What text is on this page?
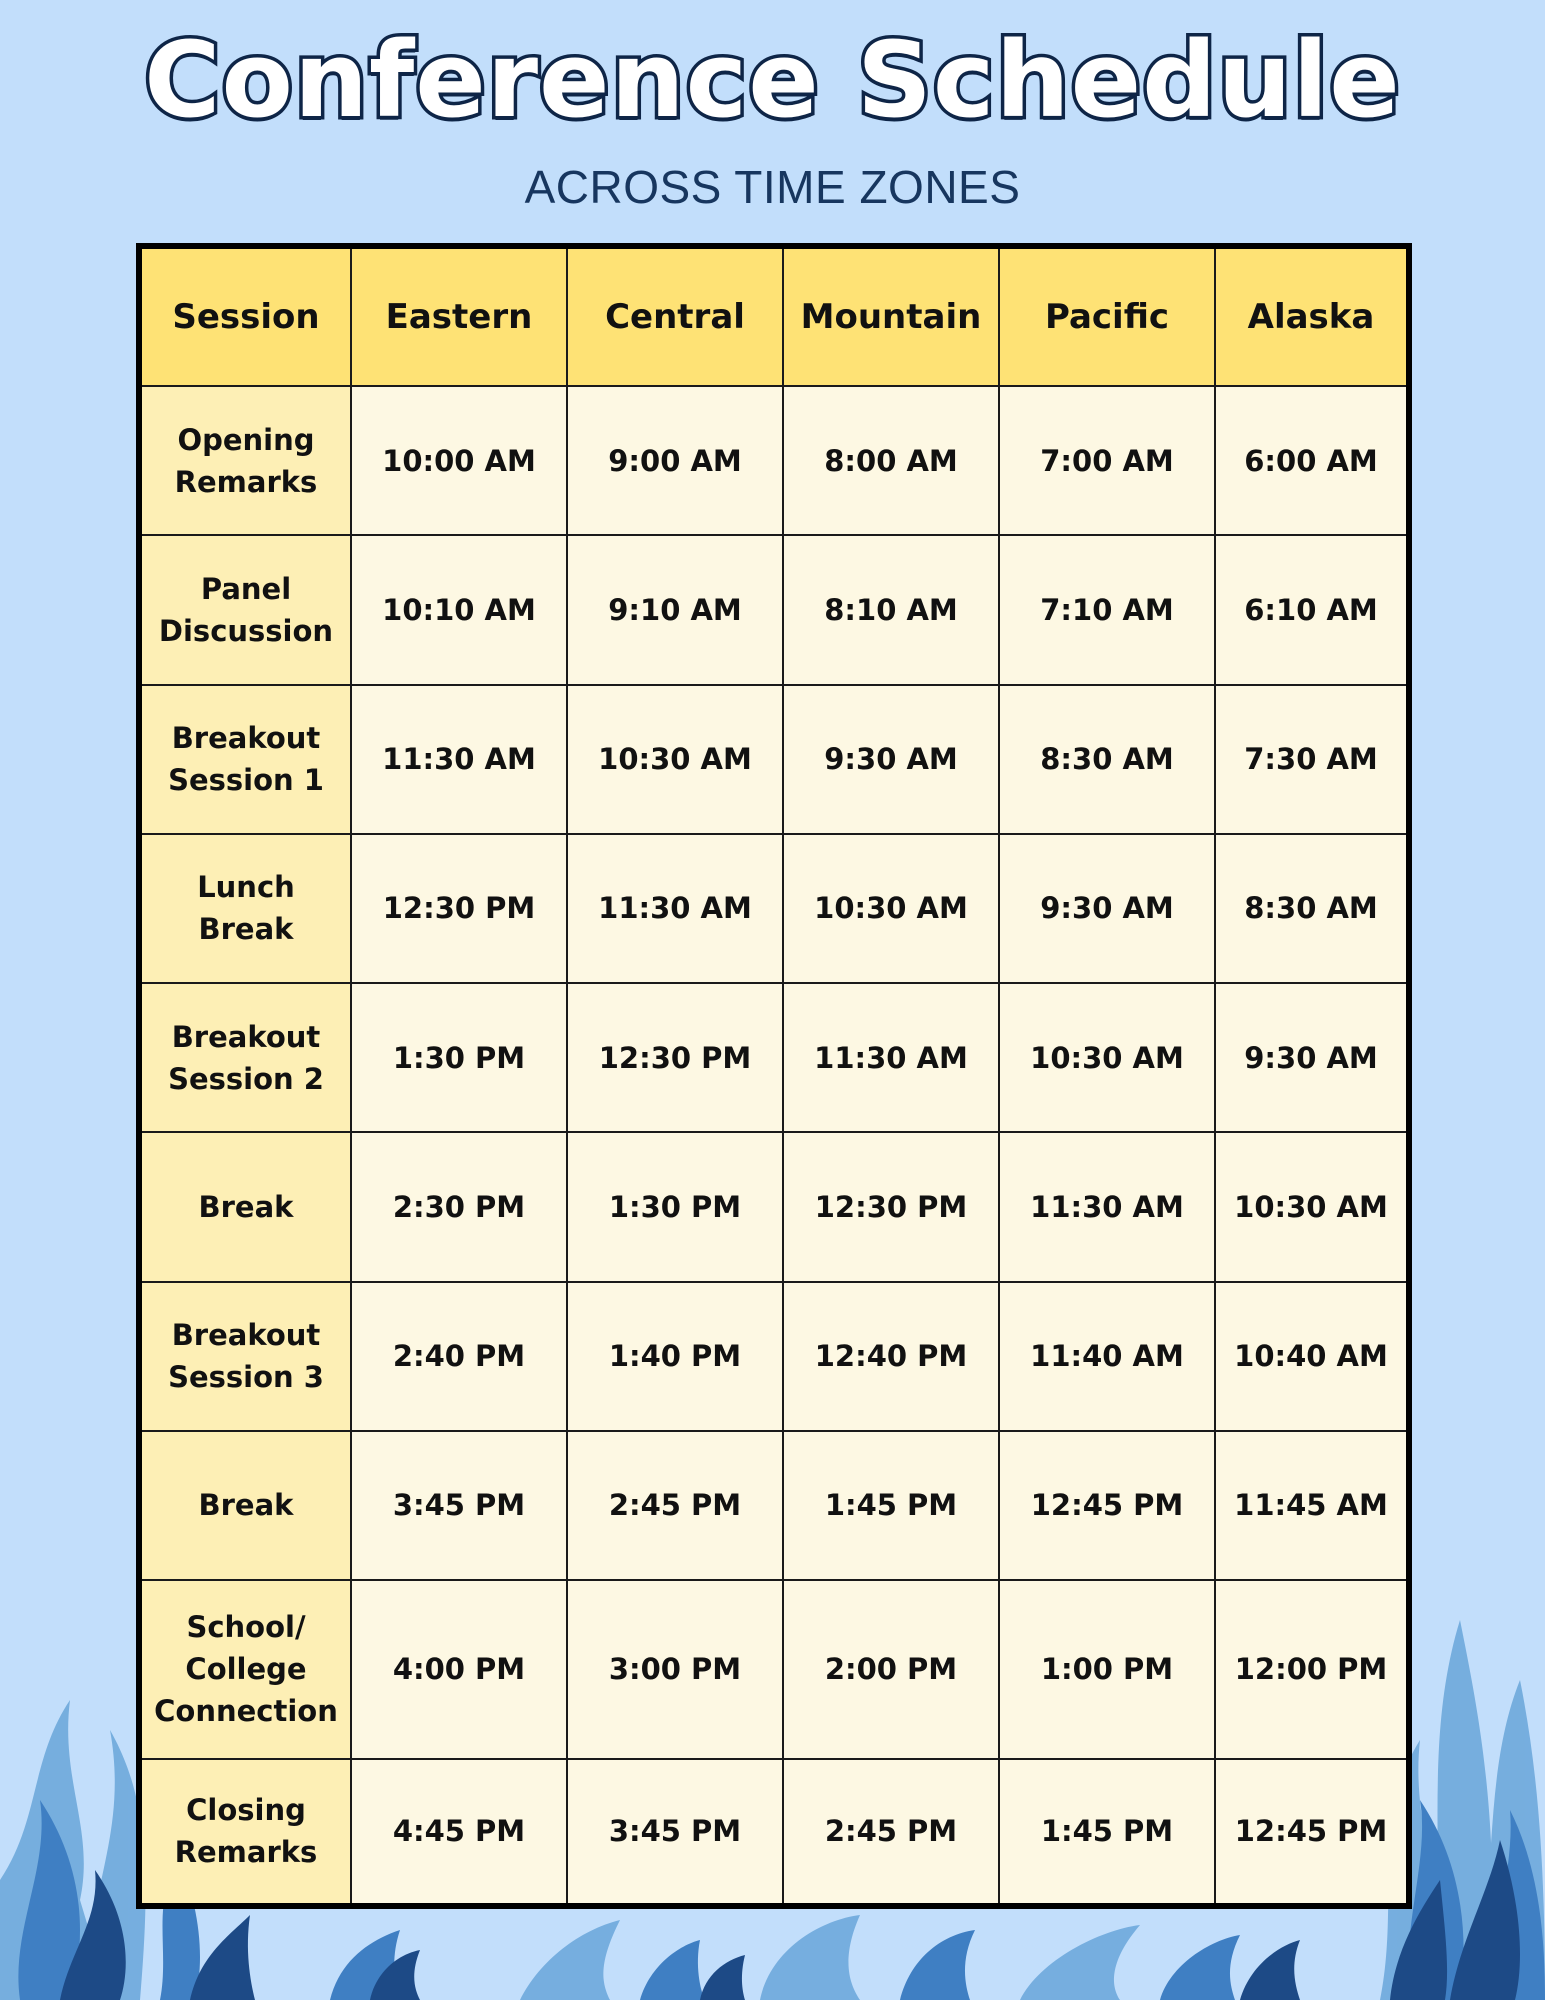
Conference Schedule
ACROSS TIME ZONES
Session	Eastern	Central	Mountain	Pacific	Alaska
Opening
Remarks	10:00 AM	9:00 AM	8:00 AM	7:00 AM	6:00 AM
Panel
Discussion	10:10 AM	9:10 AM	8:10 AM	7:10 AM	6:10 AM
Breakout
Session 1	11:30 AM	10:30 AM	9:30 AM	8:30 AM	7:30 AM
Lunch
Break	12:30 PM	11:30 AM	10:30 AM	9:30 AM	8:30 AM
Breakout
Session 2	1:30 PM	12:30 PM	11:30 AM	10:30 AM	9:30 AM
Break	2:30 PM	1:30 PM	12:30 PM	11:30 AM	10:30 AM
Breakout
Session 3	2:40 PM	1:40 PM	12:40 PM	11:40 AM	10:40 AM
Break	3:45 PM	2:45 PM	1:45 PM	12:45 PM	11:45 AM
School/
College
Connection	4:00 PM	3:00 PM	2:00 PM	1:00 PM	12:00 PM
Closing
Remarks	4:45 PM	3:45 PM	2:45 PM	1:45 PM	12:45 PM
